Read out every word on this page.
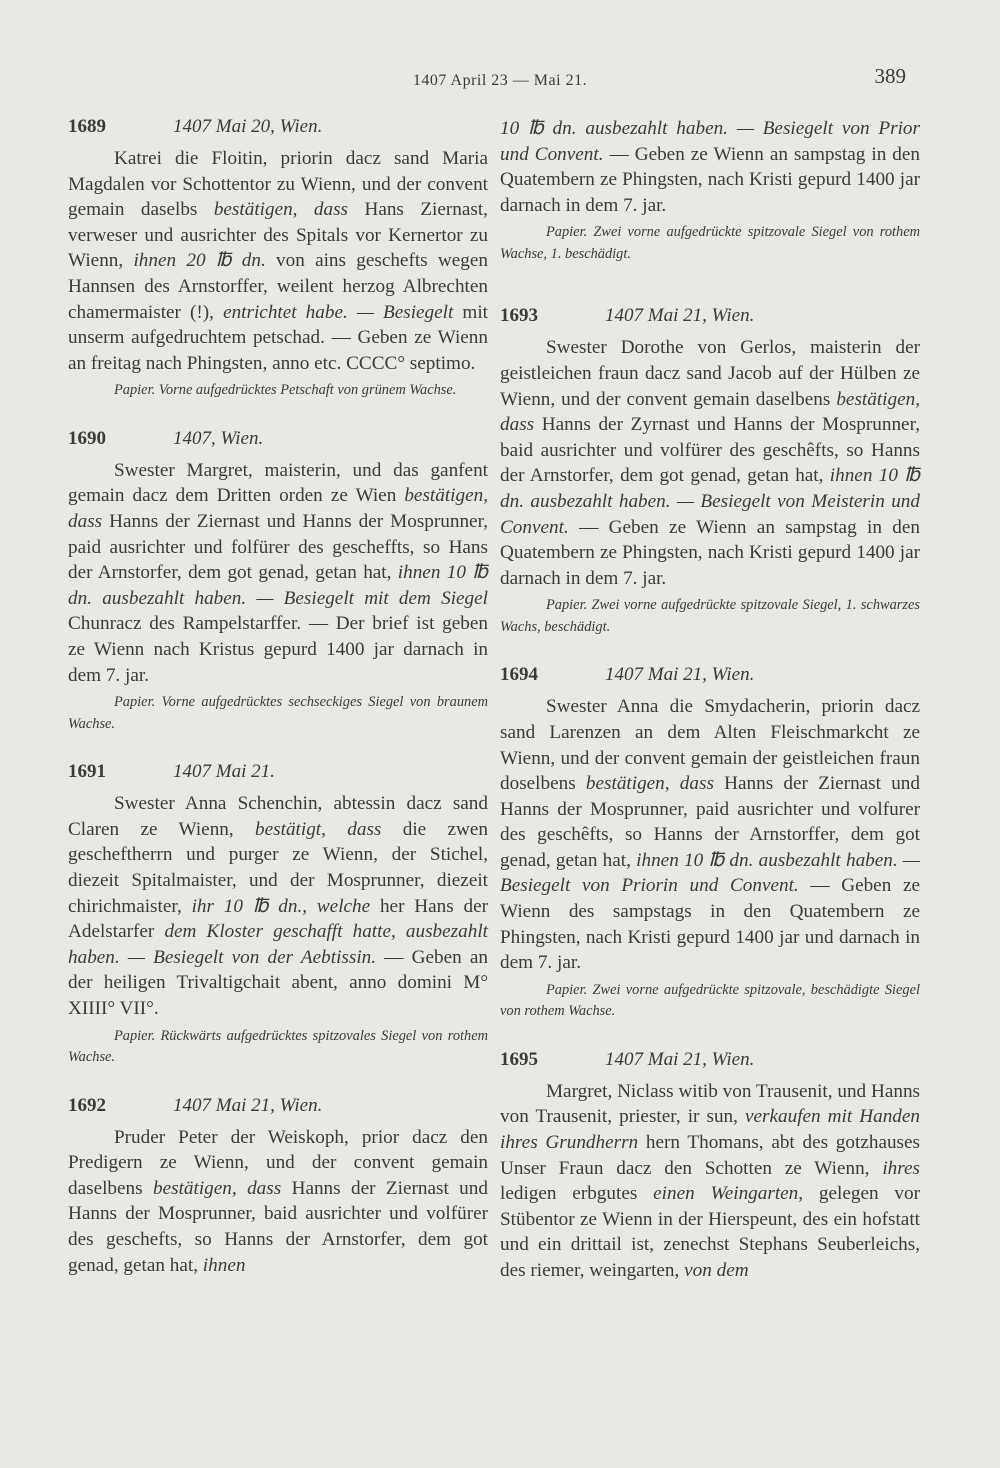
1407 April 23 — Mai 21.	389
1689	1407 Mai 20, Wien.

Katrei die Floitin, priorin dacz sand Maria Magdalen vor Schottentor zu Wienn, und der convent gemain daselbs bestätigen, dass Hans Ziernast, verweser und ausrichter des Spitals vor Kernertor zu Wienn, ihnen 20 ℔ dn. von ains geschefts wegen Hannsen des Arnstorffer, weilent herzog Albrechten chamermaister (!), entrichtet habe. — Besiegelt mit unserm aufgedruchtem petschad. — Geben ze Wienn an freitag nach Phingsten, anno etc. CCCC° septimo.

Papier. Vorne aufgedrücktes Petschaft von grünem Wachse.

1690	1407, Wien.

Swester Margret, maisterin, und das ganfent gemain dacz dem Dritten orden ze Wien bestätigen, dass Hanns der Ziernast und Hanns der Mosprunner, paid ausrichter und folfürer des gescheffts, so Hans der Arnstorfer, dem got genad, getan hat, ihnen 10 ℔ dn. ausbezahlt haben. — Besiegelt mit dem Siegel Chunracz des Rampelstarffer. — Der brief ist geben ze Wienn nach Kristus gepurd 1400 jar darnach in dem 7. jar.

Papier. Vorne aufgedrücktes sechseckiges Siegel von braunem Wachse.

1691	1407 Mai 21.

Swester Anna Schenchin, abtessin dacz sand Claren ze Wienn, bestätigt, dass die zwen gescheftherrn und purger ze Wienn, der Stichel, diezeit Spitalmaister, und der Mosprunner, diezeit chirichmaister, ihr 10 ℔ dn., welche her Hans der Adelstarfer dem Kloster geschafft hatte, ausbezahlt haben. — Besiegelt von der Aebtissin. — Geben an der heiligen Trivaltigchait abent, anno domini M° XIIII° VII°.

Papier. Rückwärts aufgedrücktes spitzovales Siegel von rothem Wachse.

1692	1407 Mai 21, Wien.

Pruder Peter der Weiskoph, prior dacz den Predigern ze Wienn, und der convent gemain daselbens bestätigen, dass Hanns der Ziernast und Hanns der Mosprunner, baid ausrichter und volfürer des geschefts, so Hanns der Arnstorfer, dem got genad, getan hat, ihnen

10 ℔ dn. ausbezahlt haben. — Besiegelt von Prior und Convent. — Geben ze Wienn an sampstag in den Quatembern ze Phingsten, nach Kristi gepurd 1400 jar darnach in dem 7. jar.

Papier. Zwei vorne aufgedrückte spitzovale Siegel von rothem Wachse, 1. beschädigt.

1693	1407 Mai 21, Wien.

Swester Dorothe von Gerlos, maisterin der geistleichen fraun dacz sand Jacob auf der Hülben ze Wienn, und der convent gemain daselbens bestätigen, dass Hanns der Zyrnast und Hanns der Mosprunner, baid ausrichter und volfürer des geschêfts, so Hanns der Arnstorfer, dem got genad, getan hat, ihnen 10 ℔ dn. ausbezahlt haben. — Besiegelt von Meisterin und Convent. — Geben ze Wienn an sampstag in den Quatembern ze Phingsten, nach Kristi gepurd 1400 jar darnach in dem 7. jar.

Papier. Zwei vorne aufgedrückte spitzovale Siegel, 1. schwarzes Wachs, beschädigt.

1694	1407 Mai 21, Wien.

Swester Anna die Smydacherin, priorin dacz sand Larenzen an dem Alten Fleischmarkcht ze Wienn, und der convent gemain der geistleichen fraun doselbens bestätigen, dass Hanns der Ziernast und Hanns der Mosprunner, paid ausrichter und volfurer des geschêfts, so Hanns der Arnstorffer, dem got genad, getan hat, ihnen 10 ℔ dn. ausbezahlt haben. — Besiegelt von Priorin und Convent. — Geben ze Wienn des sampstags in den Quatembern ze Phingsten, nach Kristi gepurd 1400 jar und darnach in dem 7. jar.

Papier. Zwei vorne aufgedrückte spitzovale, beschädigte Siegel von rothem Wachse.

1695	1407 Mai 21, Wien.

Margret, Niclass witib von Trausenit, und Hanns von Trausenit, priester, ir sun, verkaufen mit Handen ihres Grundherrn hern Thomans, abt des gotzhauses Unser Fraun dacz den Schotten ze Wienn, ihres ledigen erbgutes einen Weingarten, gelegen vor Stübentor ze Wienn in der Hierspeunt, des ein hofstatt und ein drittail ist, zenechst Stephans Seuberleichs, des riemer, weingarten, von dem
